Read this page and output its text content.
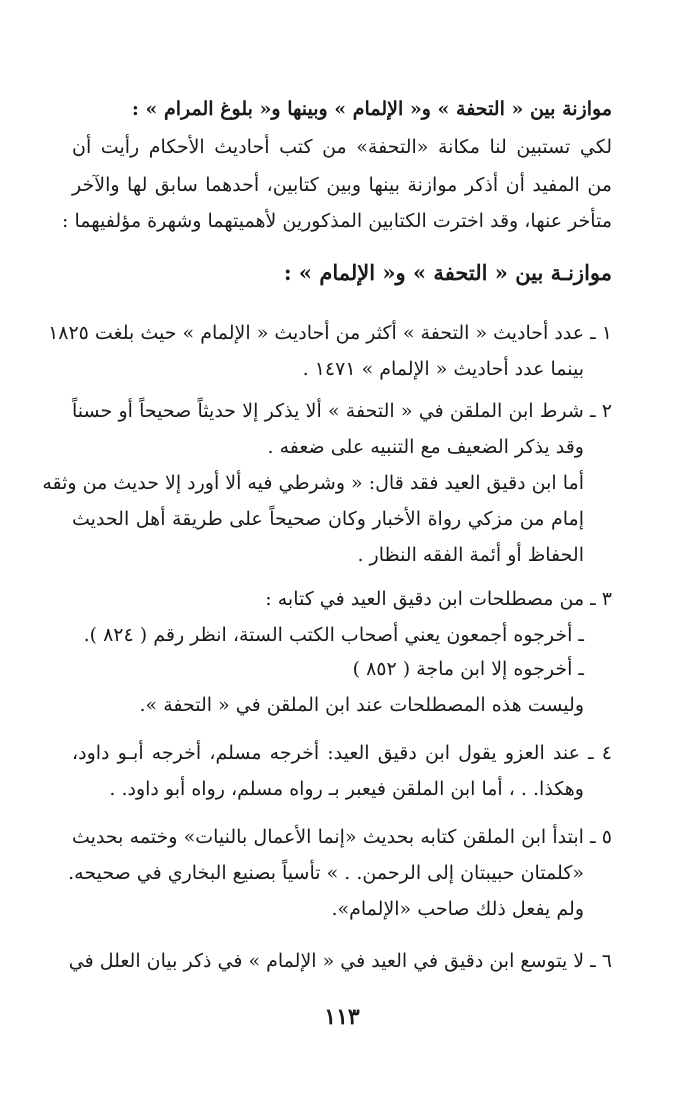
موازنة بين « التحفة » و« الإلمام » وبينها و« بلوغ المرام » :
لكي تستبين لنا مكانة «التحفة» من كتب أحاديث الأحكام رأيت أن
من المفيد أن أذكر موازنة بينها وبين كتابين، أحدهما سابق لها والآخر
متأخر عنها، وقد اخترت الكتابين المذكورين لأهميتهما وشهرة مؤلفيهما :
موازنـة بين « التحفة » و« الإلمام » :
١ ـ عدد أحاديث « التحفة » أكثر من أحاديث « الإلمام » حيث بلغت ١٨٢٥
بينما عدد أحاديث « الإلمام » ١٤٧١ .
٢ ـ شرط ابن الملقن في « التحفة » ألا يذكر إلا حديثاً صحيحاً أو حسناً
وقد يذكر الضعيف مع التنبيه على ضعفه .
أما ابن دقيق العيد فقد قال: « وشرطي فيه ألا أورد إلا حديث من وثقه
إمام من مزكي رواة الأخبار وكان صحيحاً على طريقة أهل الحديث
الحفاظ أو أئمة الفقه النظار .
٣ ـ من مصطلحات ابن دقيق العيد في كتابه :
ـ أخرجوه أجمعون يعني أصحاب الكتب الستة، انظر رقم ( ٨٢٤ ).
ـ أخرجوه إلا ابن ماجة ( ٨٥٢ )
وليست هذه المصطلحات عند ابن الملقن في « التحفة ».
٤ ـ عند العزو يقول ابن دقيق العيد: أخرجه مسلم، أخرجه أبـو داود،
وهكذا. . ، أما ابن الملقن فيعبر بـ رواه مسلم، رواه أبو داود. .
٥ ـ ابتدأ ابن الملقن كتابه بحديث «إنما الأعمال بالنيات» وختمه بحديث
«كلمتان حبيبتان إلى الرحمن. . » تأسياً بصنيع البخاري في صحيحه.
ولم يفعل ذلك صاحب «الإلمام».
٦ ـ لا يتوسع ابن دقيق في العيد في « الإلمام » في ذكر بيان العلل في
١١٣
